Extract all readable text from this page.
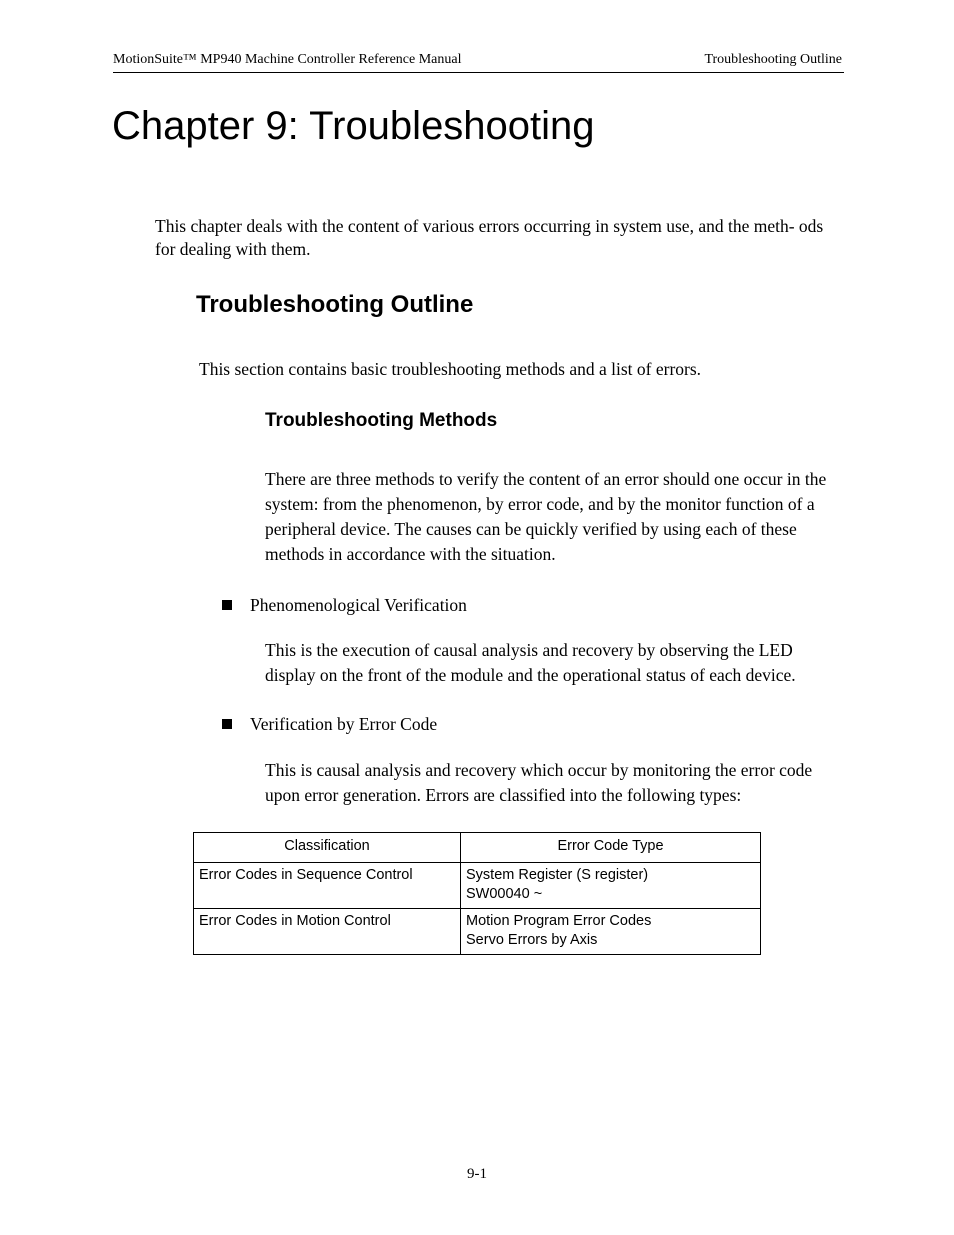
MotionSuite™ MP940 Machine Controller Reference Manual	Troubleshooting Outline
Chapter 9: Troubleshooting

This chapter deals with the content of various errors occurring in system use, and the meth- ods for dealing with them.

Troubleshooting Outline

This section contains basic troubleshooting methods and a list of errors.

Troubleshooting Methods

There are three methods to verify the content of an error should one occur in the system: from the phenomenon, by error code, and by the monitor function of a peripheral device. The causes can be quickly verified by using each of these methods in accordance with the situation.

Phenomenological Verification

This is the execution of causal analysis and recovery by observing the LED display on the front of the module and the operational status of each device.

Verification by Error Code

This is causal analysis and recovery which occur by monitoring the error code upon error generation. Errors are classified into the following types:

Classification	Error Code Type
Error Codes in Sequence Control	System Register (S register)
SW00040 ~
Error Codes in Motion Control	Motion Program Error Codes
Servo Errors by Axis
9-1
